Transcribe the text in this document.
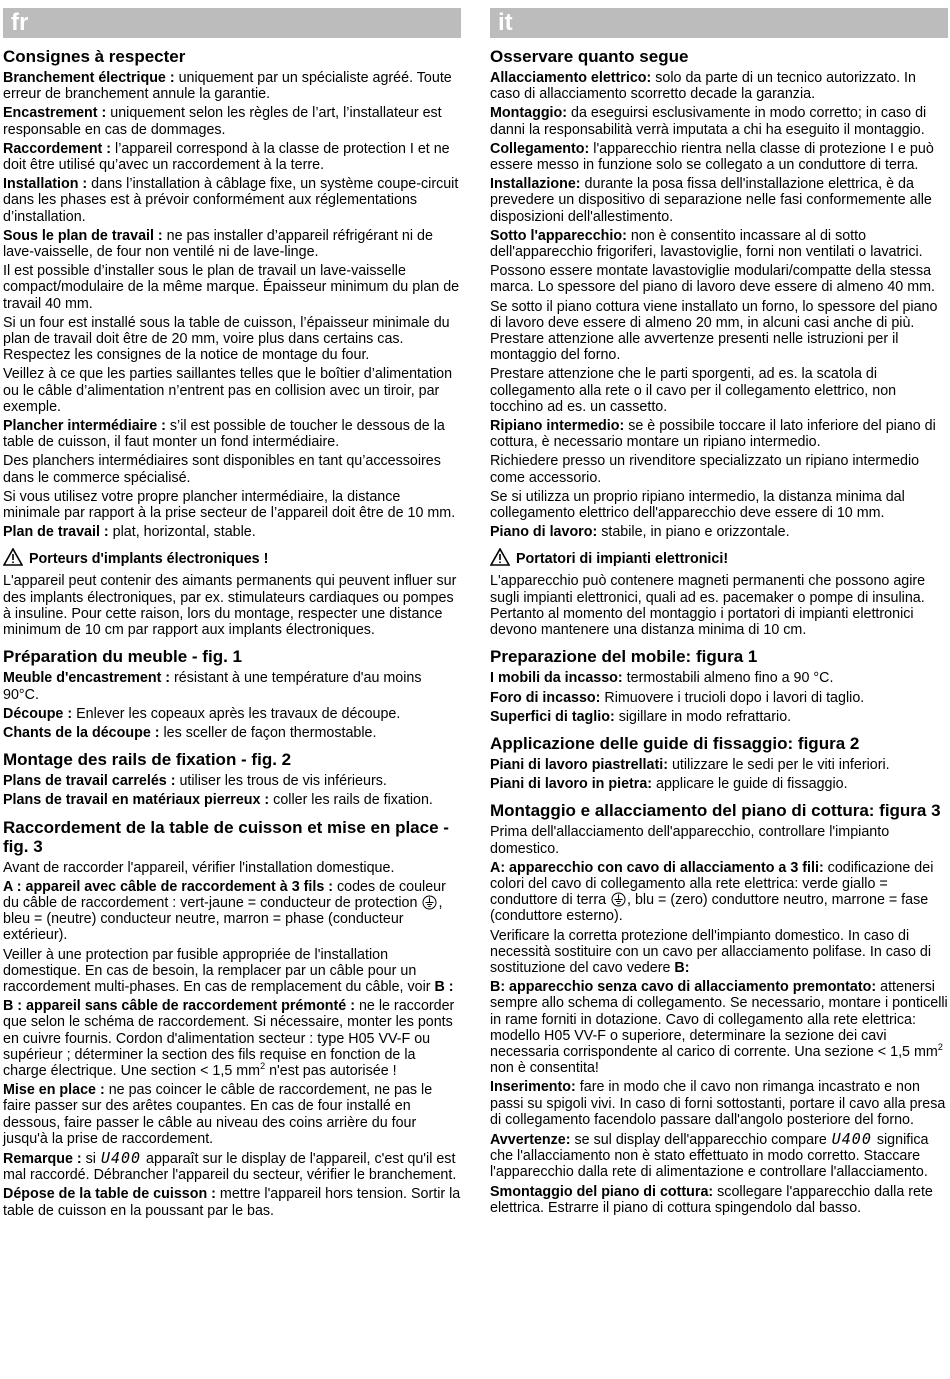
fr
Consignes à respecter

Branchement électrique : uniquement par un spécialiste agréé. Toute erreur de branchement annule la garantie.

Encastrement : uniquement selon les règles de l’art, l’installateur est responsable en cas de dommages.

Raccordement : l’appareil correspond à la classe de protection I et ne doit être utilisé qu’avec un raccordement à la terre.

Installation : dans l’installation à câblage fixe, un système coupe-circuit dans les phases est à prévoir conformément aux réglementations d’installation.

Sous le plan de travail : ne pas installer d’appareil réfrigérant ni de lave-vaisselle, de four non ventilé ni de lave-linge.

Il est possible d’installer sous le plan de travail un lave-vaisselle compact/modulaire de la même marque. Épaisseur minimum du plan de travail 40 mm.

Si un four est installé sous la table de cuisson, l’épaisseur minimale du plan de travail doit être de 20 mm, voire plus dans certains cas. Respectez les consignes de la notice de montage du four.

Veillez à ce que les parties saillantes telles que le boîtier d’alimentation ou le câble d’alimentation n’entrent pas en collision avec un tiroir, par exemple.

Plancher intermédiaire : s’il est possible de toucher le dessous de la table de cuisson, il faut monter un fond intermédiaire.

Des planchers intermédiaires sont disponibles en tant qu’accessoires dans le commerce spécialisé.

Si vous utilisez votre propre plancher intermédiaire, la distance minimale par rapport à la prise secteur de l’appareil doit être de 10 mm.

Plan de travail : plat, horizontal, stable.

Porteurs d'implants électroniques !

L'appareil peut contenir des aimants permanents qui peuvent influer sur des implants électroniques, par ex. stimulateurs cardiaques ou pompes à insuline. Pour cette raison, lors du montage, respecter une distance minimum de 10 cm par rapport aux implants électroniques.

Préparation du meuble - fig. 1

Meuble d'encastrement : résistant à une température d'au moins 90°C.

Découpe : Enlever les copeaux après les travaux de découpe.

Chants de la découpe : les sceller de façon thermostable.

Montage des rails de fixation - fig. 2

Plans de travail carrelés : utiliser les trous de vis inférieurs.

Plans de travail en matériaux pierreux : coller les rails de fixation.

Raccordement de la table de cuisson et mise en place - fig. 3

Avant de raccorder l'appareil, vérifier l'installation domestique.

A : appareil avec câble de raccordement à 3 fils : codes de couleur du câble de raccordement : vert-jaune = conducteur de protection , bleu = (neutre) conducteur neutre, marron = phase (conducteur extérieur).

Veiller à une protection par fusible appropriée de l'installation domestique. En cas de besoin, la remplacer par un câble pour un raccordement multi-phases. En cas de remplacement du câble, voir B :

B : appareil sans câble de raccordement prémonté : ne le raccorder que selon le schéma de raccordement. Si nécessaire, monter les ponts en cuivre fournis. Cordon d'alimentation secteur : type H05 VV-F ou supérieur ; déterminer la section des fils requise en fonction de la charge électrique. Une section < 1,5 $mm^2$ n'est pas autorisée !

Mise en place : ne pas coincer le câble de raccordement, ne pas le faire passer sur des arêtes coupantes. En cas de four installé en dessous, faire passer le câble au niveau des coins arrière du four jusqu'à la prise de raccordement.

Remarque : si U400 apparaît sur le display de l'appareil, c'est qu'il est mal raccordé. Débrancher l'appareil du secteur, vérifier le branchement.

Dépose de la table de cuisson : mettre l'appareil hors tension. Sortir la table de cuisson en la poussant par le bas.

it
Osservare quanto segue

Allacciamento elettrico: solo da parte di un tecnico autorizzato. In caso di allacciamento scorretto decade la garanzia.

Montaggio: da eseguirsi esclusivamente in modo corretto; in caso di danni la responsabilità verrà imputata a chi ha eseguito il montaggio.

Collegamento: l'apparecchio rientra nella classe di protezione I e può essere messo in funzione solo se collegato a un conduttore di terra.

Installazione: durante la posa fissa dell'installazione elettrica, è da prevedere un dispositivo di separazione nelle fasi conformemente alle disposizioni dell'allestimento.

Sotto l'apparecchio: non è consentito incassare al di sotto dell'apparecchio frigoriferi, lavastoviglie, forni non ventilati o lavatrici.

Possono essere montate lavastoviglie modulari/compatte della stessa marca. Lo spessore del piano di lavoro deve essere di almeno 40 mm.

Se sotto il piano cottura viene installato un forno, lo spessore del piano di lavoro deve essere di almeno 20 mm, in alcuni casi anche di più. Prestare attenzione alle avvertenze presenti nelle istruzioni per il montaggio del forno.

Prestare attenzione che le parti sporgenti, ad es. la scatola di collegamento alla rete o il cavo per il collegamento elettrico, non tocchino ad es. un cassetto.

Ripiano intermedio: se è possibile toccare il lato inferiore del piano di cottura, è necessario montare un ripiano intermedio.

Richiedere presso un rivenditore specializzato un ripiano intermedio come accessorio.

Se si utilizza un proprio ripiano intermedio, la distanza minima dal collegamento elettrico dell'apparecchio deve essere di 10 mm.

Piano di lavoro: stabile, in piano e orizzontale.

Portatori di impianti elettronici!

L'apparecchio può contenere magneti permanenti che possono agire sugli impianti elettronici, quali ad es. pacemaker o pompe di insulina. Pertanto al momento del montaggio i portatori di impianti elettronici devono mantenere una distanza minima di 10 cm.

Preparazione del mobile: figura 1

I mobili da incasso: termostabili almeno fino a 90 °C.

Foro di incasso: Rimuovere i trucioli dopo i lavori di taglio.

Superfici di taglio: sigillare in modo refrattario.

Applicazione delle guide di fissaggio: figura 2

Piani di lavoro piastrellati: utilizzare le sedi per le viti inferiori.

Piani di lavoro in pietra: applicare le guide di fissaggio.

Montaggio e allacciamento del piano di cottura: figura 3

Prima dell'allacciamento dell'apparecchio, controllare l'impianto domestico.

A: apparecchio con cavo di allacciamento a 3 fili: codificazione dei colori del cavo di collegamento alla rete elettrica: verde giallo = conduttore di terra , blu = (zero) conduttore neutro, marrone = fase (conduttore esterno).

Verificare la corretta protezione dell'impianto domestico. In caso di necessità sostituire con un cavo per allacciamento polifase. In caso di sostituzione del cavo vedere B:

B: apparecchio senza cavo di allacciamento premontato: attenersi sempre allo schema di collegamento. Se necessario, montare i ponticelli in rame forniti in dotazione. Cavo di collegamento alla rete elettrica: modello H05 VV-F o superiore, determinare la sezione dei cavi necessaria corrispondente al carico di corrente. Una sezione < 1,5 $mm^2$ non è consentita!

Inserimento: fare in modo che il cavo non rimanga incastrato e non passi su spigoli vivi. In caso di forni sottostanti, portare il cavo alla presa di collegamento facendolo passare dall'angolo posteriore del forno.

Avvertenze: se sul display dell'apparecchio compare U400 significa che l'allacciamento non è stato effettuato in modo corretto. Staccare l'apparecchio dalla rete di alimentazione e controllare l'allacciamento.

Smontaggio del piano di cottura: scollegare l'apparecchio dalla rete elettrica. Estrarre il piano di cottura spingendolo dal basso.
